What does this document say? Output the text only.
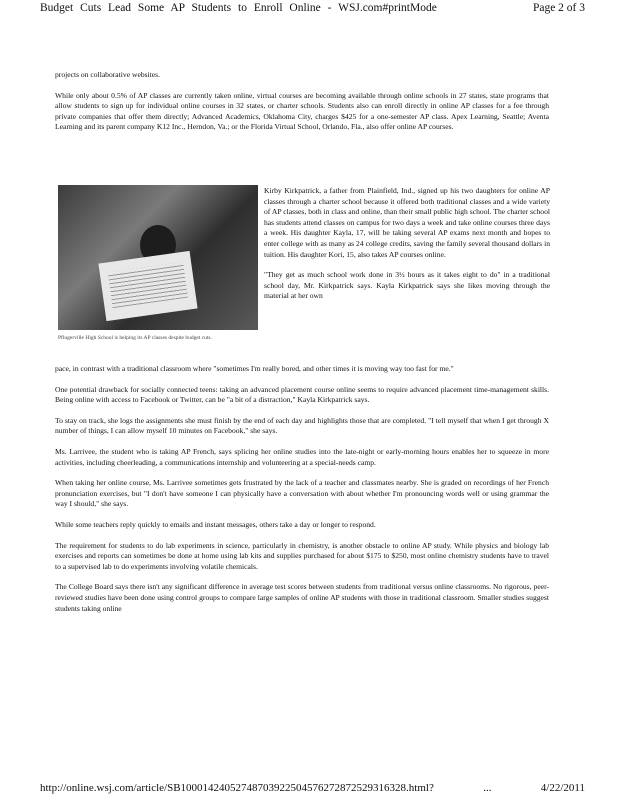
Budget Cuts Lead Some AP Students to Enroll Online - WSJ.com#printMode	Page 2 of 3

projects on collaborative websites.

While only about 0.5% of AP classes are currently taken online, virtual courses are becoming available through online schools in 27 states, state programs that allow students to sign up for individual online courses in 32 states, or charter schools. Students also can enroll directly in online AP classes for a fee through private companies that offer them directly; Advanced Academics, Oklahoma City, charges $425 for a one-semester AP class. Apex Learning, Seattle; Aventa Learning and its parent company K12 Inc., Herndon, Va.; or the Florida Virtual School, Orlando, Fla., also offer online AP courses.

Pflugerville High School is helping its AP classes despite budget cuts.

Kirby Kirkpatrick, a father from Plainfield, Ind., signed up his two daughters for online AP classes through a charter school because it offered both traditional classes and a wide variety of AP classes, both in class and online, than their small public high school. The charter school has students attend classes on campus for two days a week and take online courses three days a week. His daughter Kayla, 17, will be taking several AP exams next month and hopes to enter college with as many as 24 college credits, saving the family several thousand dollars in tuition. His daughter Kori, 15, also takes AP courses online.

"They get as much school work done in 3½ hours as it takes eight to do" in a traditional school day, Mr. Kirkpatrick says. Kayla Kirkpatrick says she likes moving through the material at her own

pace, in contrast with a traditional classroom where "sometimes I'm really bored, and other times it is moving way too fast for me."

One potential drawback for socially connected teens: taking an advanced placement course online seems to require advanced placement time-management skills. Being online with access to Facebook or Twitter, can be "a bit of a distraction," Kayla Kirkpatrick says.

To stay on track, she logs the assignments she must finish by the end of each day and highlights those that are completed. "I tell myself that when I get through X number of things, I can allow myself 10 minutes on Facebook," she says.

Ms. Larrivee, the student who is taking AP French, says splicing her online studies into the late-night or early-morning hours enables her to squeeze in more activities, including cheerleading, a communications internship and volunteering at a special-needs camp.

When taking her online course, Ms. Larrivee sometimes gets frustrated by the lack of a teacher and classmates nearby. She is graded on recordings of her French pronunciation exercises, but "I don't have someone I can physically have a conversation with about whether I'm pronouncing words well or using grammar the way I should," she says.

While some teachers reply quickly to emails and instant messages, others take a day or longer to respond.

The requirement for students to do lab experiments in science, particularly in chemistry, is another obstacle to online AP study. While physics and biology lab exercises and reports can sometimes be done at home using lab kits and supplies purchased for about $175 to $250, most online chemistry students have to travel to a supervised lab to do experiments involving volatile chemicals.

The College Board says there isn't any significant difference in average test scores between students from traditional versus online classrooms. No rigorous, peer-reviewed studies have been done using control groups to compare large samples of online AP students with those in traditional classroom. Smaller studies suggest students taking online

http://online.wsj.com/article/SB10001424052748703922504576272872529316328.html?	...	4/22/2011
